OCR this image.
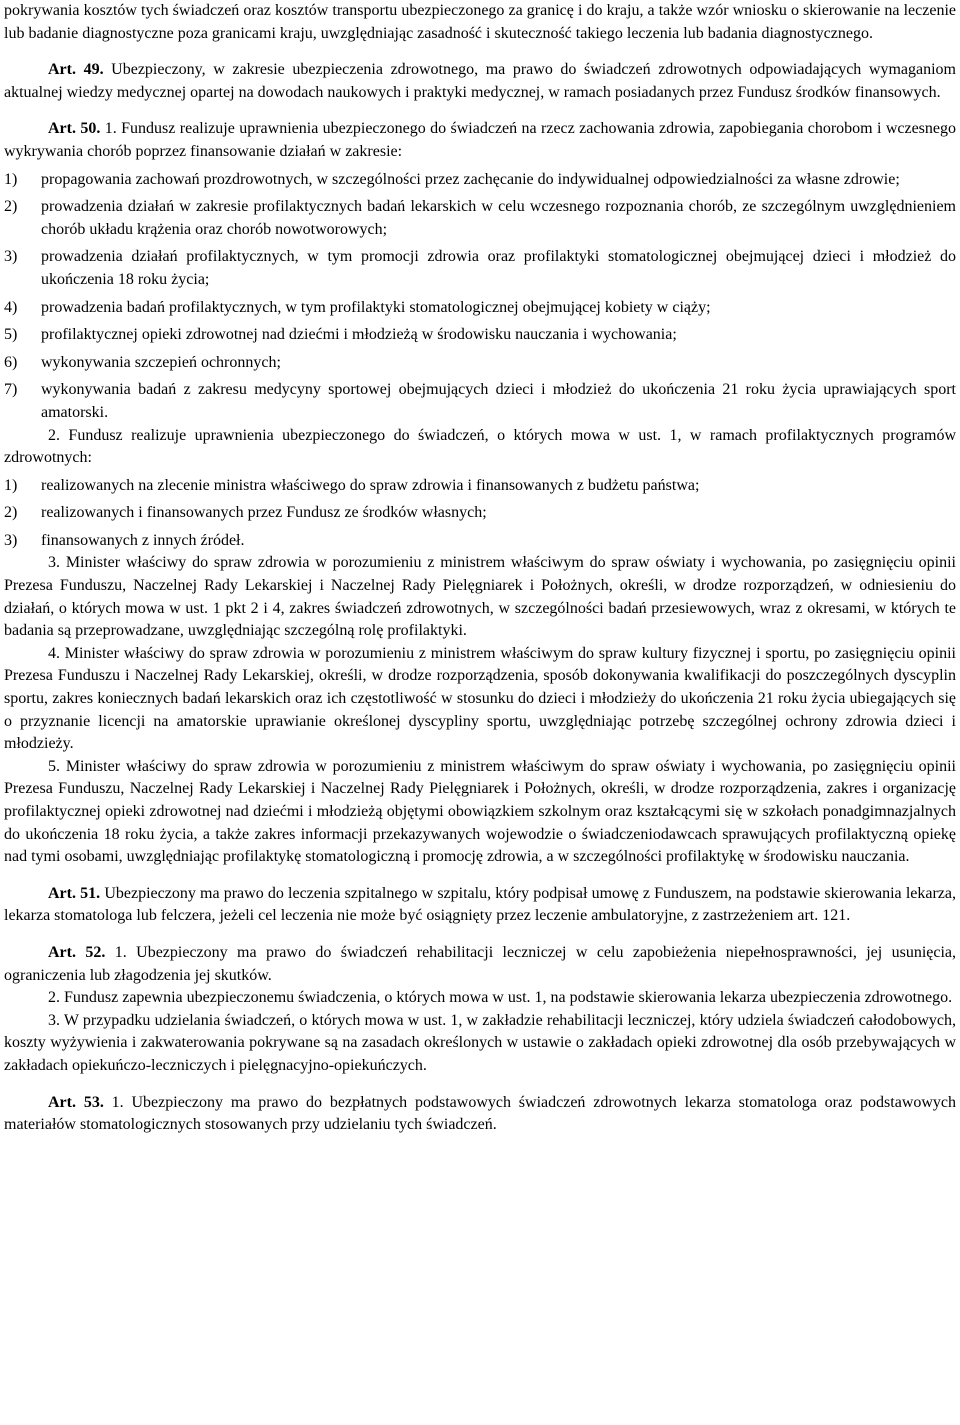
pokrywania kosztów tych świadczeń oraz kosztów transportu ubezpieczonego za granicę i do kraju, a także wzór wniosku o skierowanie na leczenie lub badanie diagnostyczne poza granicami kraju, uwzględniając zasadność i skuteczność takiego leczenia lub badania diagnostycznego.

Art. 49. Ubezpieczony, w zakresie ubezpieczenia zdrowotnego, ma prawo do świadczeń zdrowotnych odpowiadających wymaganiom aktualnej wiedzy medycznej opartej na dowodach naukowych i praktyki medycznej, w ramach posiadanych przez Fundusz środków finansowych.

Art. 50. 1. Fundusz realizuje uprawnienia ubezpieczonego do świadczeń na rzecz zachowania zdrowia, zapobiegania chorobom i wczesnego wykrywania chorób poprzez finansowanie działań w zakresie:

1) propagowania zachowań prozdrowotnych, w szczególności przez zachęcanie do indywidualnej odpowiedzialności za własne zdrowie;

2) prowadzenia działań w zakresie profilaktycznych badań lekarskich w celu wczesnego rozpoznania chorób, ze szczególnym uwzględnieniem chorób układu krążenia oraz chorób nowotworowych;

3) prowadzenia działań profilaktycznych, w tym promocji zdrowia oraz profilaktyki stomatologicznej obejmującej dzieci i młodzież do ukończenia 18 roku życia;

4) prowadzenia badań profilaktycznych, w tym profilaktyki stomatologicznej obejmującej kobiety w ciąży;

5) profilaktycznej opieki zdrowotnej nad dziećmi i młodzieżą w środowisku nauczania i wychowania;

6) wykonywania szczepień ochronnych;

7) wykonywania badań z zakresu medycyny sportowej obejmujących dzieci i młodzież do ukończenia 21 roku życia uprawiających sport amatorski.

2. Fundusz realizuje uprawnienia ubezpieczonego do świadczeń, o których mowa w ust. 1, w ramach profilaktycznych programów zdrowotnych:

1) realizowanych na zlecenie ministra właściwego do spraw zdrowia i finansowanych z budżetu państwa;

2) realizowanych i finansowanych przez Fundusz ze środków własnych;

3) finansowanych z innych źródeł.

3. Minister właściwy do spraw zdrowia w porozumieniu z ministrem właściwym do spraw oświaty i wychowania, po zasięgnięciu opinii Prezesa Funduszu, Naczelnej Rady Lekarskiej i Naczelnej Rady Pielęgniarek i Położnych, określi, w drodze rozporządzeń, w odniesieniu do działań, o których mowa w ust. 1 pkt 2 i 4, zakres świadczeń zdrowotnych, w szczególności badań przesiewowych, wraz z okresami, w których te badania są przeprowadzane, uwzględniając szczególną rolę profilaktyki.

4. Minister właściwy do spraw zdrowia w porozumieniu z ministrem właściwym do spraw kultury fizycznej i sportu, po zasięgnięciu opinii Prezesa Funduszu i Naczelnej Rady Lekarskiej, określi, w drodze rozporządzenia, sposób dokonywania kwalifikacji do poszczególnych dyscyplin sportu, zakres koniecznych badań lekarskich oraz ich częstotliwość w stosunku do dzieci i młodzieży do ukończenia 21 roku życia ubiegających się o przyznanie licencji na amatorskie uprawianie określonej dyscypliny sportu, uwzględniając potrzebę szczególnej ochrony zdrowia dzieci i młodzieży.

5. Minister właściwy do spraw zdrowia w porozumieniu z ministrem właściwym do spraw oświaty i wychowania, po zasięgnięciu opinii Prezesa Funduszu, Naczelnej Rady Lekarskiej i Naczelnej Rady Pielęgniarek i Położnych, określi, w drodze rozporządzenia, zakres i organizację profilaktycznej opieki zdrowotnej nad dziećmi i młodzieżą objętymi obowiązkiem szkolnym oraz kształcącymi się w szkołach ponadgimnazjalnych do ukończenia 18 roku życia, a także zakres informacji przekazywanych wojewodzie o świadczeniodawcach sprawujących profilaktyczną opiekę nad tymi osobami, uwzględniając profilaktykę stomatologiczną i promocję zdrowia, a w szczególności profilaktykę w środowisku nauczania.

Art. 51. Ubezpieczony ma prawo do leczenia szpitalnego w szpitalu, który podpisał umowę z Funduszem, na podstawie skierowania lekarza, lekarza stomatologa lub felczera, jeżeli cel leczenia nie może być osiągnięty przez leczenie ambulatoryjne, z zastrzeżeniem art. 121.

Art. 52. 1. Ubezpieczony ma prawo do świadczeń rehabilitacji leczniczej w celu zapobieżenia niepełnosprawności, jej usunięcia, ograniczenia lub złagodzenia jej skutków.

2. Fundusz zapewnia ubezpieczonemu świadczenia, o których mowa w ust. 1, na podstawie skierowania lekarza ubezpieczenia zdrowotnego.

3. W przypadku udzielania świadczeń, o których mowa w ust. 1, w zakładzie rehabilitacji leczniczej, który udziela świadczeń całodobowych, koszty wyżywienia i zakwaterowania pokrywane są na zasadach określonych w ustawie o zakładach opieki zdrowotnej dla osób przebywających w zakładach opiekuńczo-leczniczych i pielęgnacyjno-opiekuńczych.

Art. 53. 1. Ubezpieczony ma prawo do bezpłatnych podstawowych świadczeń zdrowotnych lekarza stomatologa oraz podstawowych materiałów stomatologicznych stosowanych przy udzielaniu tych świadczeń.
